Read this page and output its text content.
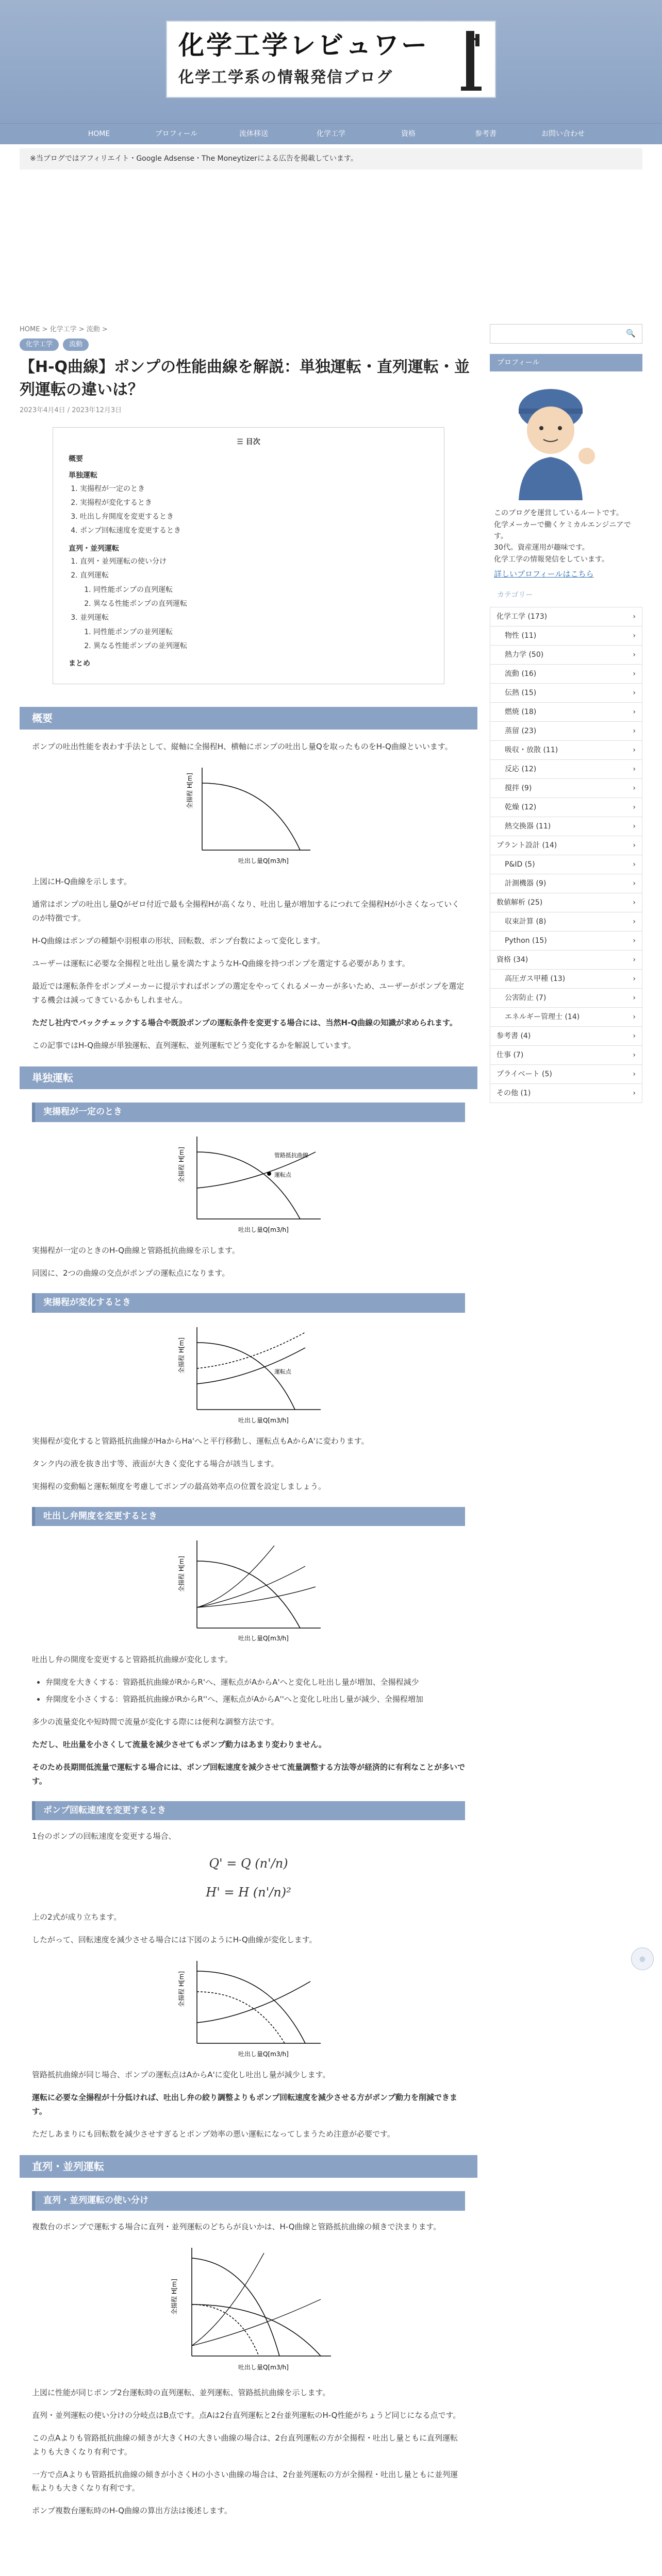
化学工学レビュワー
化学工学系の情報発信ブログ
HOME	プロフィール	流体移送	化学工学	資格	参考書	お問い合わせ
※当ブログではアフィリエイト・Google Adsense・The Moneytizerによる広告を掲載しています。
HOME > 化学工学 > 流動 >
化学工学	流動
【H-Q曲線】ポンプの性能曲線を解説：単独運転・直列運転・並列運転の違いは？
2023年4月4日 / 2023年12月3日
☰ 目次
概要
単独運転
1. 実揚程が一定のとき
2. 実揚程が変化するとき
3. 吐出し弁開度を変更するとき
4. ポンプ回転速度を変更するとき
直列・並列運転
1. 直列・並列運転の使い分け
2. 直列運転
1. 同性能ポンプの直列運転
2. 異なる性能ポンプの直列運転
3. 並列運転
1. 同性能ポンプの並列運転
2. 異なる性能ポンプの並列運転
まとめ
概要

ポンプの吐出性能を表わす手法として、縦軸に全揚程H、横軸にポンプの吐出し量Qを取ったものをH-Q曲線といいます。

全揚程 H[m]
吐出し量Q[m3/h]

上図にH-Q曲線を示します。

通常はポンプの吐出し量Qがゼロ付近で最も全揚程Hが高くなり、吐出し量が増加するにつれて全揚程Hが小さくなっていくのが特徴です。

H-Q曲線はポンプの種類や羽根車の形状、回転数、ポンプ台数によって変化します。

ユーザーは運転に必要な全揚程と吐出し量を満たすようなH-Q曲線を持つポンプを選定する必要があります。

最近では運転条件をポンプメーカーに提示すればポンプの選定をやってくれるメーカーが多いため、ユーザーがポンプを選定する機会は減ってきているかもしれません。

ただし社内でバックチェックする場合や既設ポンプの運転条件を変更する場合には、当然H-Q曲線の知識が求められます。

この記事ではH-Q曲線が単独運転、直列運転、並列運転でどう変化するかを解説しています。

単独運転
実揚程が一定のとき
管路抵抗曲線
運転点
全揚程 H[m]
吐出し量Q[m3/h]

実揚程が一定のときのH-Q曲線と管路抵抗曲線を示します。

同図に、2つの曲線の交点がポンプの運転点になります。

実揚程が変化するとき
運転点
全揚程 H[m]
吐出し量Q[m3/h]

実揚程が変化すると管路抵抗曲線がHaからHa'へと平行移動し、運転点もAからA'に変わります。

タンク内の液を抜き出す等、液面が大きく変化する場合が該当します。

実揚程の変動幅と運転頻度を考慮してポンプの最高効率点の位置を設定しましょう。

吐出し弁開度を変更するとき
全揚程 H[m]
吐出し量Q[m3/h]

吐出し弁の開度を変更すると管路抵抗曲線が変化します。

• 弁開度を大きくする：管路抵抗曲線がRからR'へ、運転点がAからA'へと変化し吐出し量が増加、全揚程減少
• 弁開度を小さくする：管路抵抗曲線がRからR''へ、運転点がAからA''へと変化し吐出し量が減少、全揚程増加

多少の流量変化や短時間で流量が変化する際には便利な調整方法です。

ただし、吐出量を小さくして流量を減少させてもポンプ動力はあまり変わりません。

そのため長期間低流量で運転する場合には、ポンプ回転速度を減少させて流量調整する方法等が経済的に有利なことが多いです。

ポンプ回転速度を変更するとき

1台のポンプの回転速度を変更する場合、

Q' = Q (n'/n)
H' = H (n'/n)²

上の2式が成り立ちます。

したがって、回転速度を減少させる場合には下図のようにH-Q曲線が変化します。

全揚程 H[m]
吐出し量Q[m3/h]

管路抵抗曲線が同じ場合、ポンプの運転点はAからA'に変化し吐出し量が減少します。

運転に必要な全揚程が十分低ければ、吐出し弁の絞り調整よりもポンプ回転速度を減少させる方がポンプ動力を削減できます。

ただしあまりにも回転数を減少させすぎるとポンプ効率の悪い運転になってしまうため注意が必要です。

直列・並列運転
直列・並列運転の使い分け

複数台のポンプで運転する場合に直列・並列運転のどちらが良いかは、H-Q曲線と管路抵抗曲線の傾きで決まります。

全揚程 H[m]
吐出し量Q[m3/h]

上図に性能が同じポンプ2台運転時の直列運転、並列運転、管路抵抗曲線を示します。

直列・並列運転の使い分けの分岐点はB点です。点Aは2台直列運転と2台並列運転のH-Q性能がちょうど同じになる点です。

この点Aよりも管路抵抗曲線の傾きが大きくHの大きい曲線の場合は、2台直列運転の方が全揚程・吐出し量ともに直列運転よりも大きくなり有利です。

一方で点Aよりも管路抵抗曲線の傾きが小さくHの小さい曲線の場合は、2台並列運転の方が全揚程・吐出し量ともに並列運転よりも大きくなり有利です。

ポンプ複数台運転時のH-Q曲線の算出方法は後述します。

🔍
プロフィール
このブログを運営しているルートです。
化学メーカーで働くケミカルエンジニアです。
30代。資産運用が趣味です。
化学工学の情報発信をしています。
詳しいプロフィールはこちら
カテゴリー
化学工学 (173)	›
物性 (11)	›
熱力学 (50)	›
流動 (16)	›
伝熱 (15)	›
燃焼 (18)	›
蒸留 (23)	›
吸収・放散 (11)	›
反応 (12)	›
撹拌 (9)	›
乾燥 (12)	›
熱交換器 (11)	›
プラント設計 (14)	›
P&ID (5)	›
計測機器 (9)	›
数値解析 (25)	›
収束計算 (8)	›
Python (15)	›
資格 (34)	›
高圧ガス甲種 (13)	›
公害防止 (7)	›
エネルギー管理士 (14)	›
参考書 (4)	›
仕事 (7)	›
プライベート (5)	›
その他 (1)	›
◎
